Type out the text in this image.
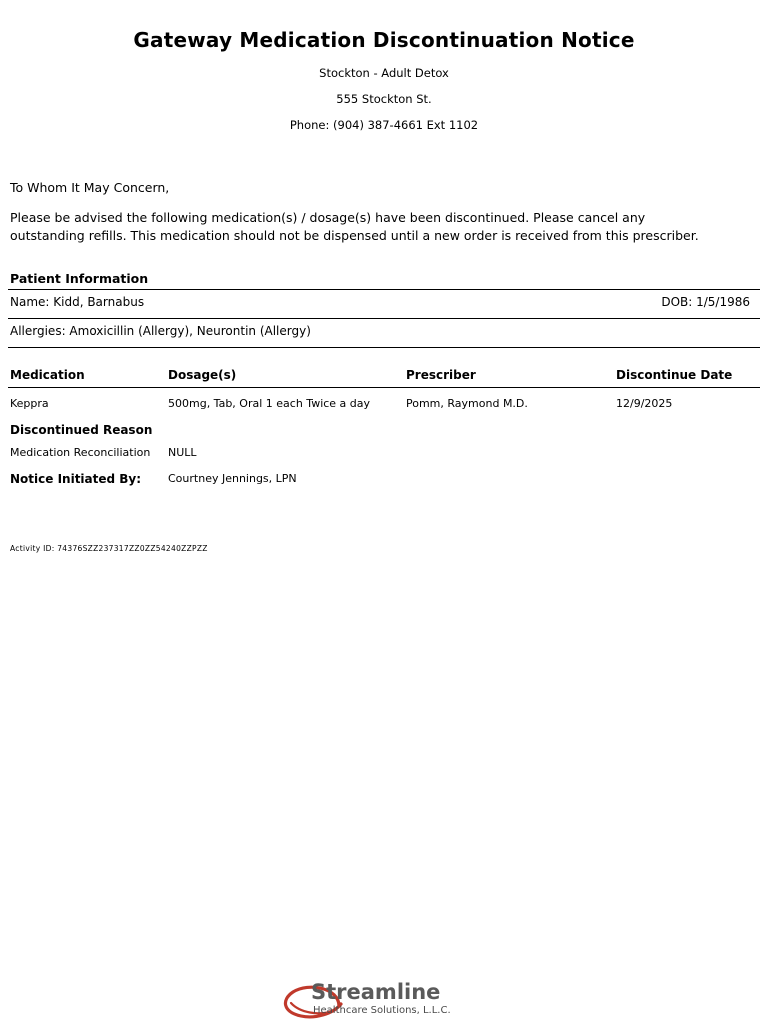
Gateway Medication Discontinuation Notice
Stockton - Adult Detox
555 Stockton St.
Phone: (904) 387-4661 Ext 1102
To Whom It May Concern,
Please be advised the following medication(s) / dosage(s) have been discontinued. Please cancel any outstanding refills. This medication should not be dispensed until a new order is received from this prescriber.
Patient Information
Name: Kidd, Barnabus	DOB: 1/5/1986
Allergies: Amoxicillin (Allergy), Neurontin (Allergy)
Medication	Dosage(s)	Prescriber	Discontinue Date
Keppra	500mg, Tab, Oral 1 each Twice a day	Pomm, Raymond M.D.	12/9/2025
Discontinued Reason
Medication Reconciliation NULL
Notice Initiated By: Courtney Jennings, LPN
Activity ID: 74376SZZ237317ZZ0ZZ54240ZZPZZ
Streamline
Healthcare Solutions, L.L.C.
